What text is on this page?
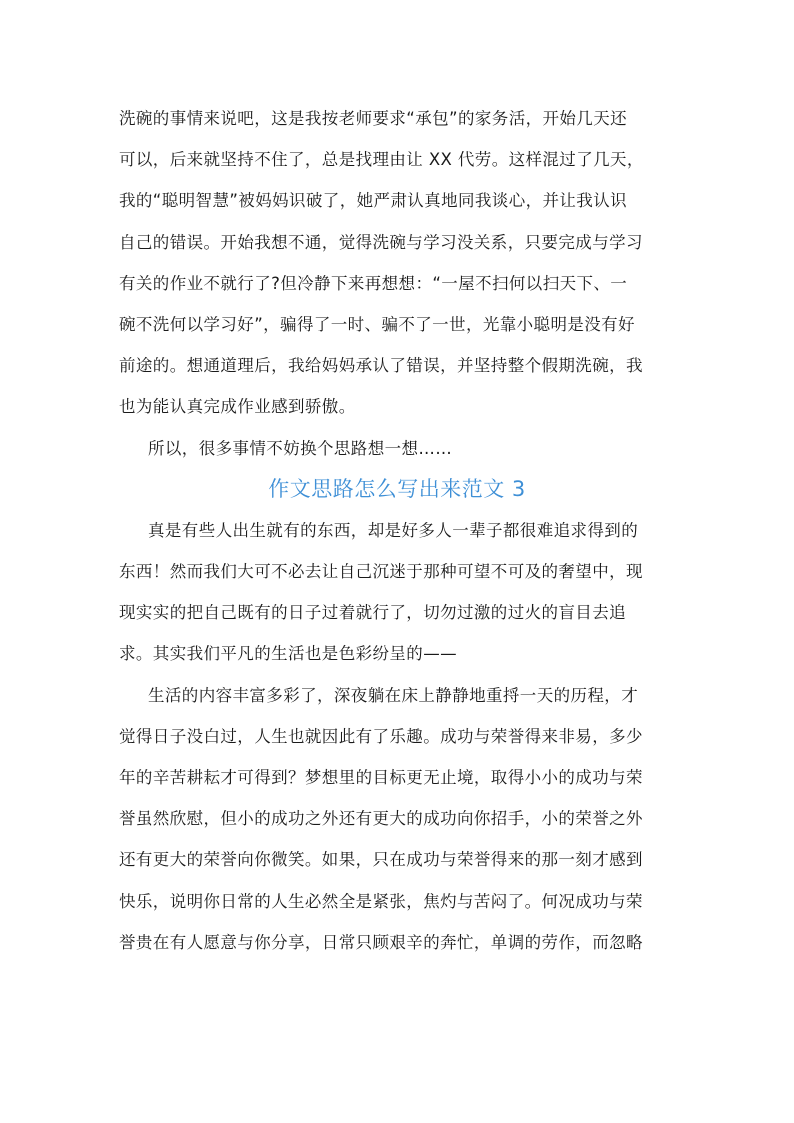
洗碗的事情来说吧，这是我按老师要求“承包”的家务活，开始几天还
可以，后来就坚持不住了，总是找理由让 XX 代劳。这样混过了几天，
我的“聪明智慧”被妈妈识破了，她严肃认真地同我谈心，并让我认识
自己的错误。开始我想不通，觉得洗碗与学习没关系，只要完成与学习
有关的作业不就行了?但冷静下来再想想：“一屋不扫何以扫天下、一
碗不洗何以学习好”，骗得了一时、骗不了一世，光靠小聪明是没有好
前途的。想通道理后，我给妈妈承认了错误，并坚持整个假期洗碗，我
也为能认真完成作业感到骄傲。
所以，很多事情不妨换个思路想一想……
作文思路怎么写出来范文 3
真是有些人出生就有的东西，却是好多人一辈子都很难追求得到的
东西！然而我们大可不必去让自己沉迷于那种可望不可及的奢望中，现
现实实的把自己既有的日子过着就行了，切勿过激的过火的盲目去追
求。其实我们平凡的生活也是色彩纷呈的——
生活的内容丰富多彩了，深夜躺在床上静静地重捋一天的历程，才
觉得日子没白过，人生也就因此有了乐趣。成功与荣誉得来非易，多少
年的辛苦耕耘才可得到？梦想里的目标更无止境，取得小小的成功与荣
誉虽然欣慰，但小的成功之外还有更大的成功向你招手，小的荣誉之外
还有更大的荣誉向你微笑。如果，只在成功与荣誉得来的那一刻才感到
快乐，说明你日常的人生必然全是紧张，焦灼与苦闷了。何况成功与荣
誉贵在有人愿意与你分享，日常只顾艰辛的奔忙，单调的劳作，而忽略
